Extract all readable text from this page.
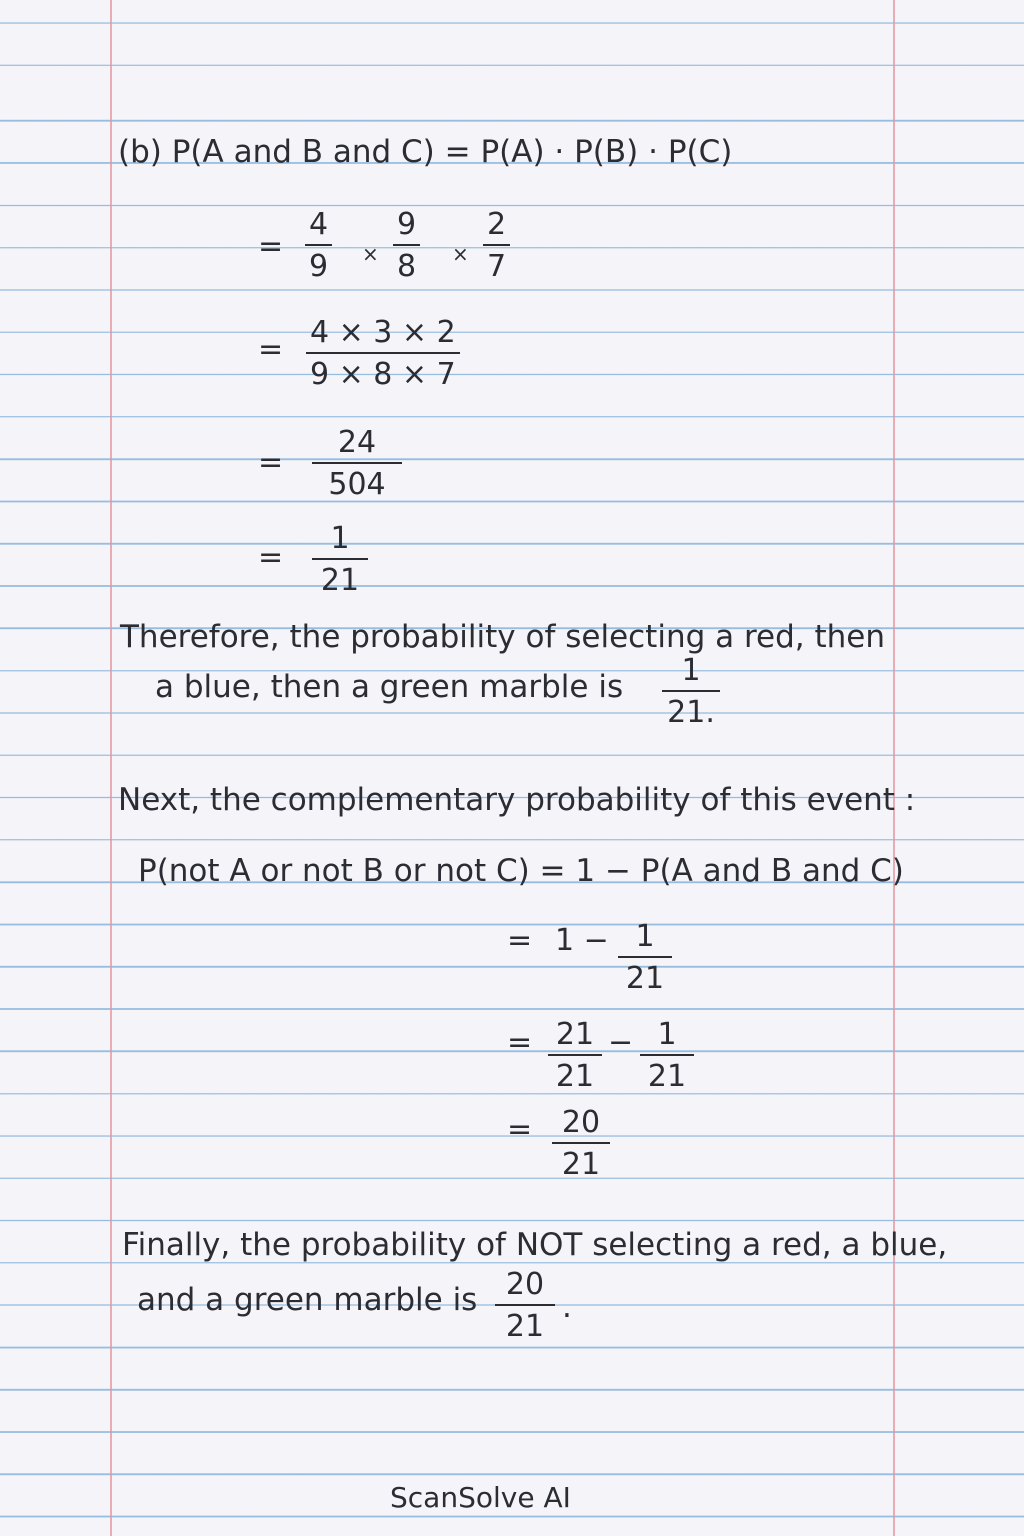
(b) P(A and B and C) = P(A) · P(B) · P(C)
=
4
9 ×
9
8 ×
2
7
= 4 × 3 × 2
9 × 8 × 7
=
24
504
=
1
21
Therefore, the probability of selecting a red, then
a blue, then a green marble is 1
21.
Next, the complementary probability of this event :
P(not A or not B or not C) = 1 − P(A and B and C)
= 1 − 1
21
= 21
21
− 1
21
= 20
21
Finally, the probability of NOT selecting a red, a blue,
and a green marble is 20
21
.
ScanSolve AI
